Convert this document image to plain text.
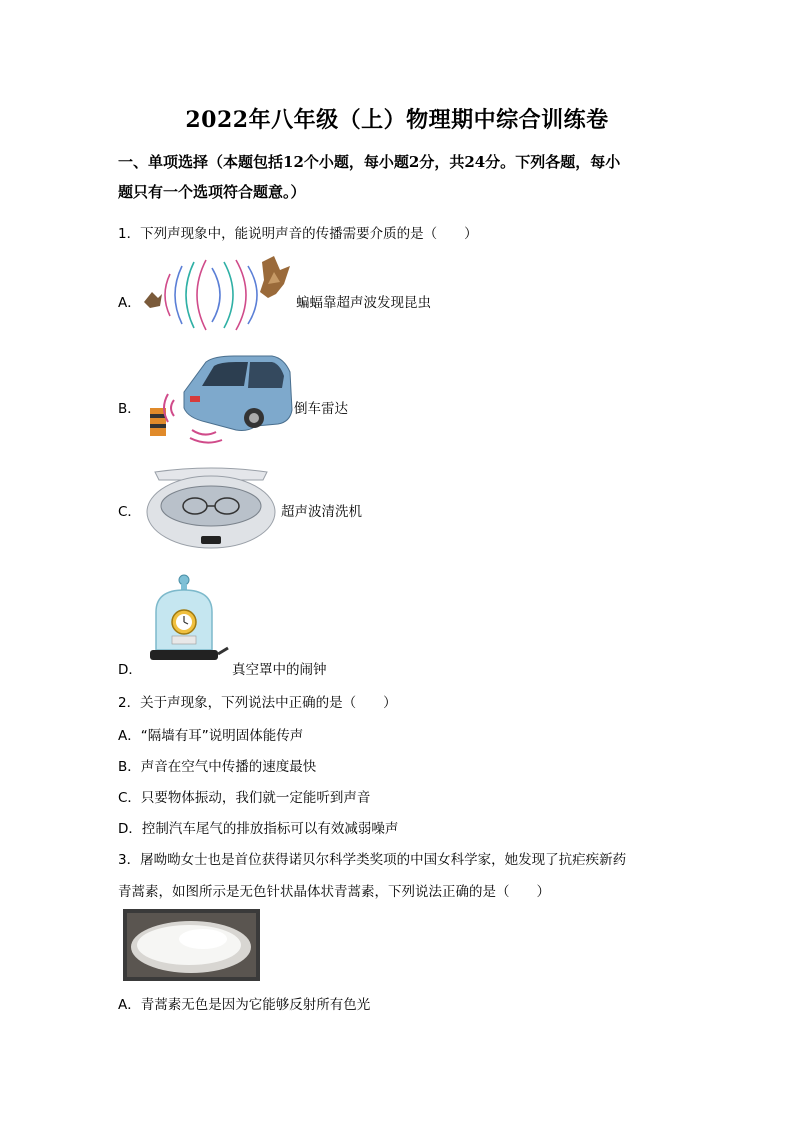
2022年八年级（上）物理期中综合训练卷
一、单项选择（本题包括12个小题，每小题2分，共24分。下列各题，每小
题只有一个选项符合题意。）
1．下列声现象中，能说明声音的传播需要介质的是（　　）
A．	蝙蝠靠超声波发现昆虫
B．	倒车雷达
C．	超声波清洗机
D．	真空罩中的闹钟
2．关于声现象，下列说法中正确的是（　　）
A．“隔墙有耳”说明固体能传声
B．声音在空气中传播的速度最快
C．只要物体振动，我们就一定能听到声音
D．控制汽车尾气的排放指标可以有效减弱噪声
3．屠呦呦女士也是首位获得诺贝尔科学类奖项的中国女科学家，她发现了抗疟疾新药
青蒿素，如图所示是无色针状晶体状青蒿素，下列说法正确的是（　　）
A．青蒿素无色是因为它能够反射所有色光
